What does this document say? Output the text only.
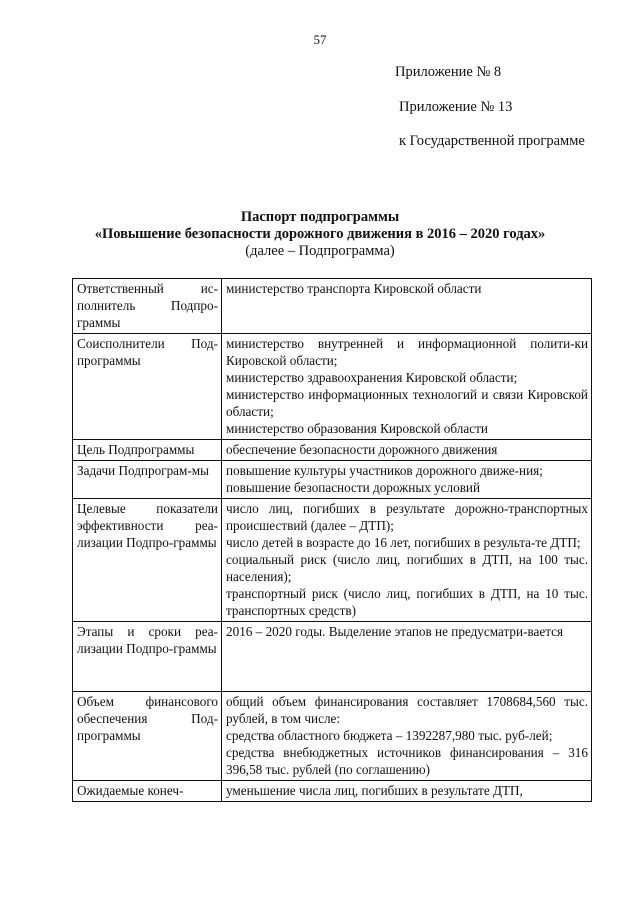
57
Приложение № 8
Приложение № 13
к Государственной программе
Паспорт подпрограммы
«Повышение безопасности дорожного движения в 2016 – 2020 годах»
(далее – Подпрограмма)
Ответственный ис-полнитель Подпро-граммы	министерство транспорта Кировской области

Соисполнители Под-программы	министерство внутренней и информационной полити-ки Кировской области;
министерство здравоохранения Кировской области;
министерство информационных технологий и связи Кировской области;
министерство образования Кировской области

Цель Подпрограммы	обеспечение безопасности дорожного движения

Задачи Подпрограм-мы	повышение культуры участников дорожного движе-ния;
повышение безопасности дорожных условий

Целевые показатели эффективности реа-лизации Подпро-граммы	число лиц, погибших в результате дорожно-транспортных происшествий (далее – ДТП);
число детей в возрасте до 16 лет, погибших в результа-те ДТП;
социальный риск (число лиц, погибших в ДТП, на 100 тыс. населения);
транспортный риск (число лиц, погибших в ДТП, на 10 тыс. транспортных средств)

Этапы и сроки реа-лизации Подпро-граммы	2016 – 2020 годы. Выделение этапов не предусматри-вается

Объем финансового обеспечения Под-программы	общий объем финансирования составляет 1708684,560 тыс. рублей, в том числе:
средства областного бюджета – 1392287,980 тыс. руб-лей;
средства внебюджетных источников финансирования – 316 396,58 тыс. рублей (по соглашению)

Ожидаемые конеч-	уменьшение числа лиц, погибших в результате ДТП,
